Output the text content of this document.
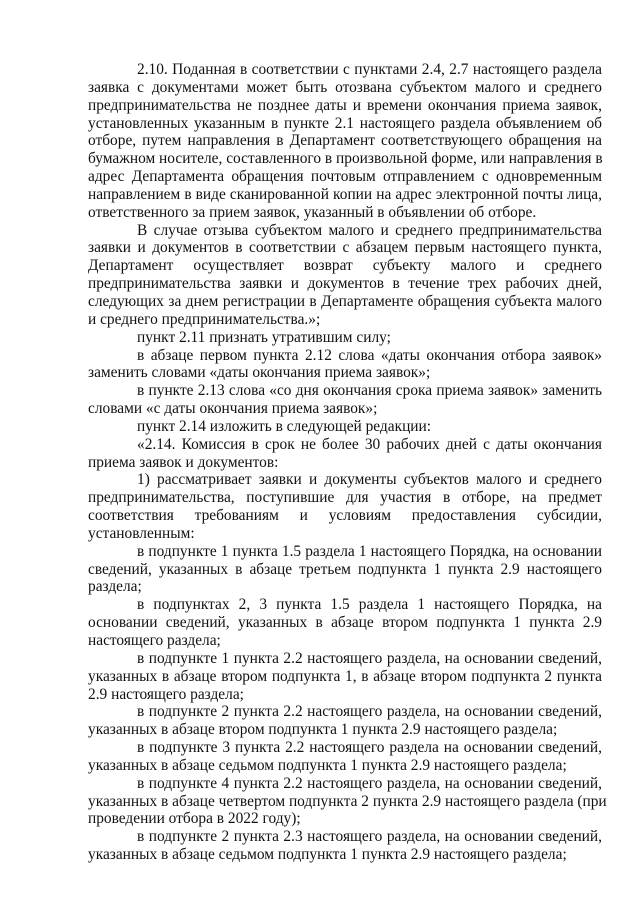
2.10. Поданная в соответствии с пунктами 2.4, 2.7 настоящего раздела
заявка с документами может быть отозвана субъектом малого и среднего
предпринимательства не позднее даты и времени окончания приема заявок,
установленных указанным в пункте 2.1 настоящего раздела объявлением об
отборе, путем направления в Департамент соответствующего обращения на
бумажном носителе, составленного в произвольной форме, или направления в
адрес Департамента обращения почтовым отправлением с одновременным
направлением в виде сканированной копии на адрес электронной почты лица,
ответственного за прием заявок, указанный в объявлении об отборе.
В случае отзыва субъектом малого и среднего предпринимательства
заявки и документов в соответствии с абзацем первым настоящего пункта,
Департамент осуществляет возврат субъекту малого и среднего
предпринимательства заявки и документов в течение трех рабочих дней,
следующих за днем регистрации в Департаменте обращения субъекта малого
и среднего предпринимательства.»;
пункт 2.11 признать утратившим силу;
в абзаце первом пункта 2.12 слова «даты окончания отбора заявок»
заменить словами «даты окончания приема заявок»;
в пункте 2.13 слова «со дня окончания срока приема заявок» заменить
словами «с даты окончания приема заявок»;
пункт 2.14 изложить в следующей редакции:
«2.14. Комиссия в срок не более 30 рабочих дней с даты окончания
приема заявок и документов:
1) рассматривает заявки и документы субъектов малого и среднего
предпринимательства, поступившие для участия в отборе, на предмет
соответствия требованиям и условиям предоставления субсидии,
установленным:
в подпункте 1 пункта 1.5 раздела 1 настоящего Порядка, на основании
сведений, указанных в абзаце третьем подпункта 1 пункта 2.9 настоящего
раздела;
в подпунктах 2, 3 пункта 1.5 раздела 1 настоящего Порядка, на
основании сведений, указанных в абзаце втором подпункта 1 пункта 2.9
настоящего раздела;
в подпункте 1 пункта 2.2 настоящего раздела, на основании сведений,
указанных в абзаце втором подпункта 1, в абзаце втором подпункта 2 пункта
2.9 настоящего раздела;
в подпункте 2 пункта 2.2 настоящего раздела, на основании сведений,
указанных в абзаце втором подпункта 1 пункта 2.9 настоящего раздела;
в подпункте 3 пункта 2.2 настоящего раздела на основании сведений,
указанных в абзаце седьмом подпункта 1 пункта 2.9 настоящего раздела;
в подпункте 4 пункта 2.2 настоящего раздела, на основании сведений,
указанных в абзаце четвертом подпункта 2 пункта 2.9 настоящего раздела (при
проведении отбора в 2022 году);
в подпункте 2 пункта 2.3 настоящего раздела, на основании сведений,
указанных в абзаце седьмом подпункта 1 пункта 2.9 настоящего раздела;
